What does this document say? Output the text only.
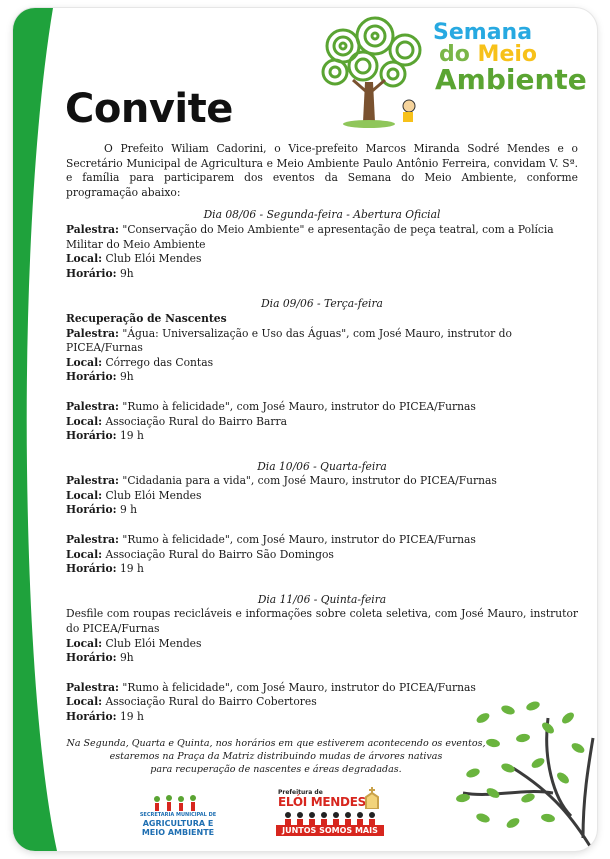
Semana
do Meio
Ambiente
Convite

O Prefeito Wiliam Cadorini, o Vice-prefeito Marcos Miranda Sodré Mendes e o Secretário Municipal de Agricultura e Meio Ambiente Paulo Antônio Ferreira, convidam V. Sª. e família para participarem dos eventos da Semana do Meio Ambiente, conforme programação abaixo:

Dia 08/06 - Segunda-feira - Abertura Oficial

Palestra: "Conservação do Meio Ambiente" e apresentação de peça teatral, com a Polícia Militar do Meio Ambiente

Local: Club Elói Mendes

Horário: 9h

Dia 09/06 - Terça-feira

Recuperação de Nascentes

Palestra: "Água: Universalização e Uso das Águas", com José Mauro, instrutor do PICEA/Furnas

Local: Córrego das Contas

Horário: 9h

Palestra: "Rumo à felicidade", com José Mauro, instrutor do PICEA/Furnas

Local: Associação Rural do Bairro Barra

Horário: 19 h

Dia 10/06 - Quarta-feira

Palestra: "Cidadania para a vida", com José Mauro, instrutor do PICEA/Furnas

Local: Club Elói Mendes

Horário: 9 h

Palestra: "Rumo à felicidade", com José Mauro, instrutor do PICEA/Furnas

Local: Associação Rural do Bairro São Domingos

Horário: 19 h

Dia 11/06 - Quinta-feira

Desfile com roupas recicláveis e informações sobre coleta seletiva, com José Mauro, instrutor do PICEA/Furnas

Local: Club Elói Mendes

Horário: 9h

Palestra: "Rumo à felicidade", com José Mauro, instrutor do PICEA/Furnas

Local: Associação Rural do Bairro Cobertores

Horário: 19 h

Na Segunda, Quarta e Quinta, nos horários em que estiverem acontecendo os eventos,
estaremos na Praça da Matriz distribuindo mudas de árvores nativas
para recuperação de nascentes e áreas degradadas.
SECRETARIA MUNICIPAL DE
AGRICULTURA E
MEIO AMBIENTE
Prefeitura de
ELÓI MENDES
JUNTOS SOMOS MAIS
